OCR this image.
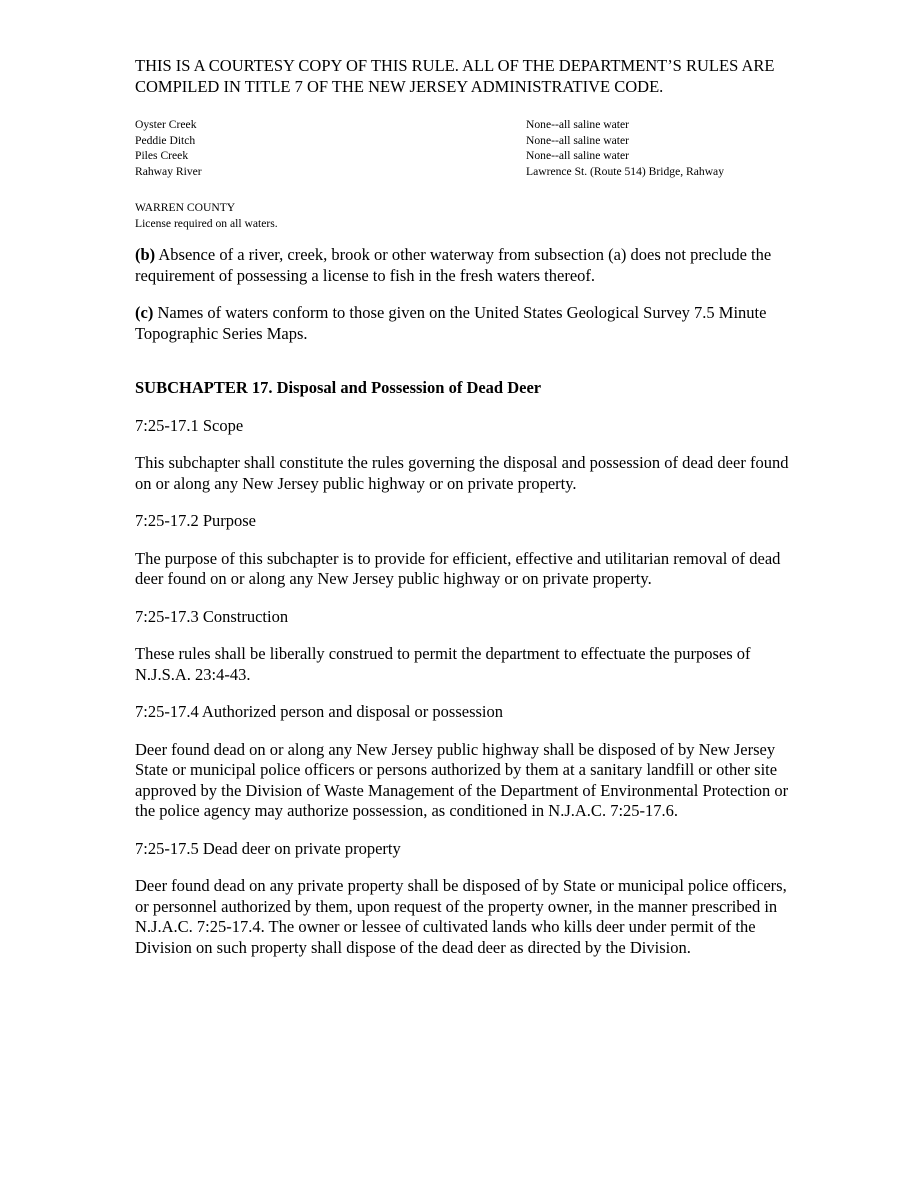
THIS IS A COURTESY COPY OF THIS RULE. ALL OF THE DEPARTMENT’S RULES ARE COMPILED IN TITLE 7 OF THE NEW JERSEY ADMINISTRATIVE CODE.

Oyster Creek	None--all saline water
Peddie Ditch	None--all saline water
Piles Creek	None--all saline water
Rahway River	Lawrence St. (Route 514) Bridge, Rahway
WARREN COUNTY
License required on all waters.

(b) Absence of a river, creek, brook or other waterway from subsection (a) does not preclude the requirement of possessing a license to fish in the fresh waters thereof.

(c) Names of waters conform to those given on the United States Geological Survey 7.5 Minute Topographic Series Maps.

SUBCHAPTER 17. Disposal and Possession of Dead Deer

7:25-17.1 Scope

This subchapter shall constitute the rules governing the disposal and possession of dead deer found on or along any New Jersey public highway or on private property.

7:25-17.2 Purpose

The purpose of this subchapter is to provide for efficient, effective and utilitarian removal of dead deer found on or along any New Jersey public highway or on private property.

7:25-17.3 Construction

These rules shall be liberally construed to permit the department to effectuate the purposes of N.J.S.A. 23:4-43.

7:25-17.4 Authorized person and disposal or possession

Deer found dead on or along any New Jersey public highway shall be disposed of by New Jersey State or municipal police officers or persons authorized by them at a sanitary landfill or other site approved by the Division of Waste Management of the Department of Environmental Protection or the police agency may authorize possession, as conditioned in N.J.A.C. 7:25-17.6.

7:25-17.5 Dead deer on private property

Deer found dead on any private property shall be disposed of by State or municipal police officers, or personnel authorized by them, upon request of the property owner, in the manner prescribed in N.J.A.C. 7:25-17.4. The owner or lessee of cultivated lands who kills deer under permit of the Division on such property shall dispose of the dead deer as directed by the Division.
